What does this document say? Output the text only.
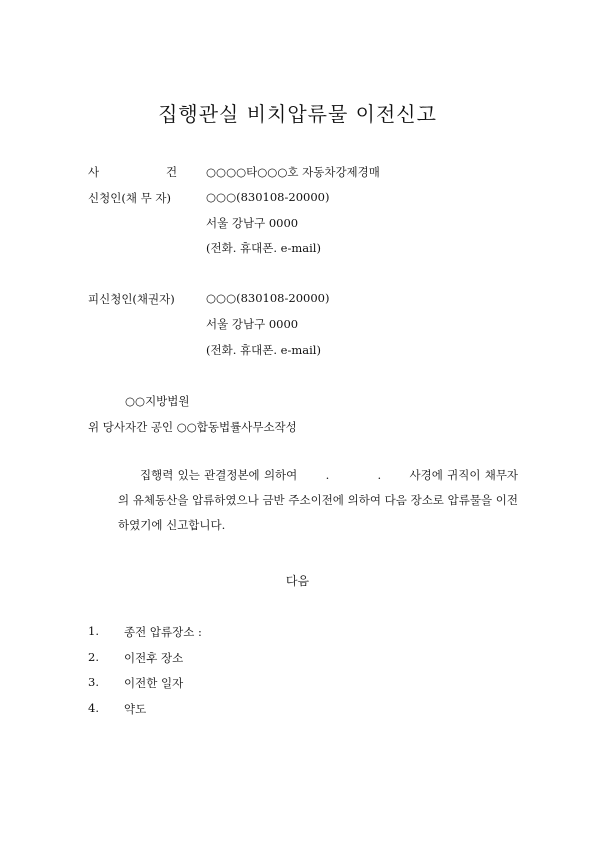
집행관실 비치압류물 이전신고
사	건	○○○○타○○○호 자동차강제경매
신청인(채 무 자)	○○○(830108-20000)
서울 강남구 0000
(전화. 휴대폰. e-mail)
피신청인(채권자)	○○○(830108-20000)
서울 강남구 0000
(전화. 휴대폰. e-mail)
○○지방법원
위 당사자간 공인 ○○합동법률사무소작성
집행력 있는 관결정본에 의하여 . . 사경에 귀직이 채무자의 유체동산을 압류하였으나 금반 주소이전에 의하여 다음 장소로 압류물을 이전하였기에 신고합니다.
다음
1. 종전 압류장소 :
2. 이전후 장소
3. 이전한 일자
4. 약도
